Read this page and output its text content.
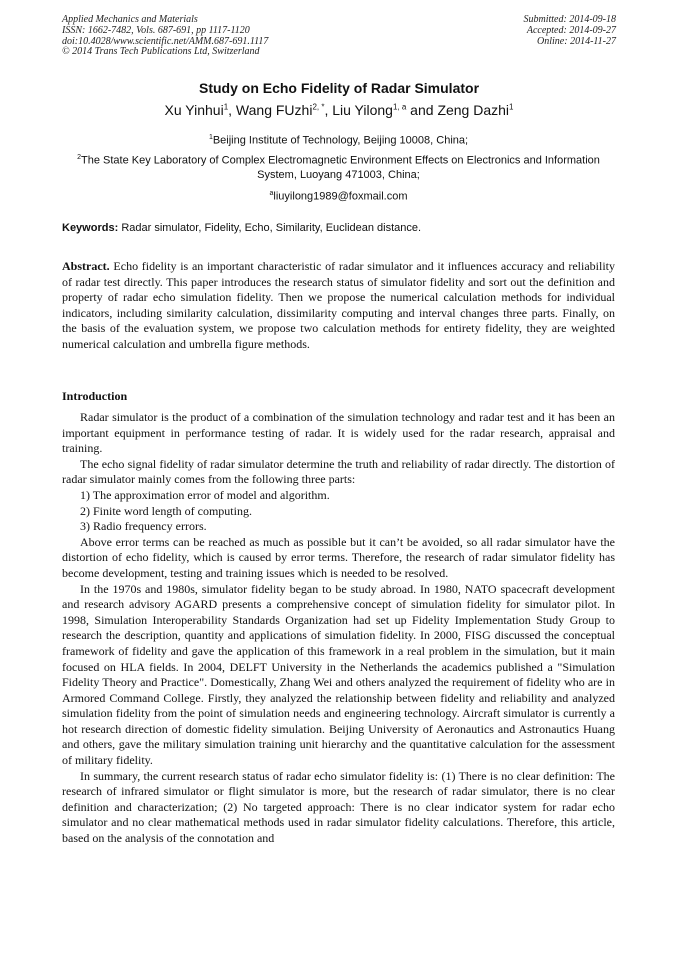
Applied Mechanics and Materials
ISSN: 1662-7482, Vols. 687-691, pp 1117-1120
doi:10.4028/www.scientific.net/AMM.687-691.1117
© 2014 Trans Tech Publications Ltd, Switzerland
Submitted: 2014-09-18
Accepted: 2014-09-27
Online: 2014-11-27
Study on Echo Fidelity of Radar Simulator
Xu Yinhui$^1$, Wang FUzhi$^{2, *}$, Liu Yilong$^{1, a}$ and Zeng Dazhi$^1$
$^1$Beijing Institute of Technology, Beijing 10008, China;
$^2$The State Key Laboratory of Complex Electromagnetic Environment Effects on Electronics and Information System, Luoyang 471003, China;
$^a$liuyilong1989@foxmail.com
Keywords: Radar simulator, Fidelity, Echo, Similarity, Euclidean distance.
Abstract. Echo fidelity is an important characteristic of radar simulator and it influences accuracy and reliability of radar test directly. This paper introduces the research status of simulator fidelity and sort out the definition and property of radar echo simulation fidelity. Then we propose the numerical calculation methods for individual indicators, including similarity calculation, dissimilarity computing and interval changes three parts. Finally, on the basis of the evaluation system, we propose two calculation methods for entirety fidelity, they are weighted numerical calculation and umbrella figure methods.
Introduction

Radar simulator is the product of a combination of the simulation technology and radar test and it has been an important equipment in performance testing of radar. It is widely used for the radar research, appraisal and training.

The echo signal fidelity of radar simulator determine the truth and reliability of radar directly. The distortion of radar simulator mainly comes from the following three parts:

1) The approximation error of model and algorithm.

2) Finite word length of computing.

3) Radio frequency errors.

Above error terms can be reached as much as possible but it can’t be avoided, so all radar simulator have the distortion of echo fidelity, which is caused by error terms. Therefore, the research of radar simulator fidelity has become development, testing and training issues which is needed to be resolved.

In the 1970s and 1980s, simulator fidelity began to be study abroad. In 1980, NATO spacecraft development and research advisory AGARD presents a comprehensive concept of simulation fidelity for simulator pilot. In 1998, Simulation Interoperability Standards Organization had set up Fidelity Implementation Study Group to research the description, quantity and applications of simulation fidelity. In 2000, FISG discussed the conceptual framework of fidelity and gave the application of this framework in a real problem in the simulation, but it main focused on HLA fields. In 2004, DELFT University in the Netherlands the academics published a "Simulation Fidelity Theory and Practice". Domestically, Zhang Wei and others analyzed the requirement of fidelity who are in Armored Command College. Firstly, they analyzed the relationship between fidelity and reliability and analyzed simulation fidelity from the point of simulation needs and engineering technology. Aircraft simulator is currently a hot research direction of domestic fidelity simulation. Beijing University of Aeronautics and Astronautics Huang and others, gave the military simulation training unit hierarchy and the quantitative calculation for the assessment of military fidelity.

In summary, the current research status of radar echo simulator fidelity is: (1) There is no clear definition: The research of infrared simulator or flight simulator is more, but the research of radar simulator, there is no clear definition and characterization; (2) No targeted approach: There is no clear indicator system for radar echo simulator and no clear mathematical methods used in radar simulator fidelity calculations. Therefore, this article, based on the analysis of the connotation and
